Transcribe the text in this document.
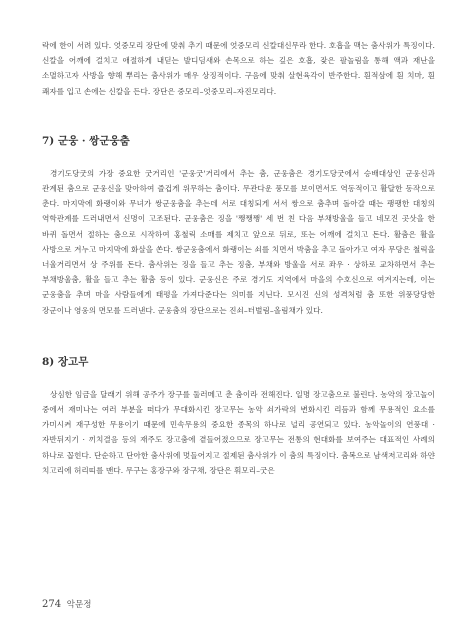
락에 한이 서려 있다. 엇중모리 장단에 맞춰 추기 때문에 엇중모리 신칼대신무라 한다. 호흡을 맥는 춤사위가 특징이다. 신칼을 어깨에 걸치고 애절하게 내딛는 발디딤새와 손목으로 하는 깊은 호흡, 잦은 팔놀림을 통해 액과 재난을 소멸하고자 사방을 향해 뿌리는 춤사위가 매우 상징적이다. 구음에 맞춰 살현육각이 반주한다. 흰적삼에 흰 치마, 흰 쾌자를 입고 손에는 신칼을 든다. 장단은 중모리–엇중모리–자진모리다.

7) 군웅 · 쌍군웅춤

경기도당굿의 가장 중요한 굿거리인 '군웅굿'거리에서 추는 춤, 군웅춤은 경기도당굿에서 승배대상인 군웅신과 관계된 춤으로 군웅신을 맞아하여 즐겁게 위무하는 춤이다. 무관다운 풍모를 보이면서도 역동적이고 활달한 동작으로 춘다. 마지막에 화랭이와 무녀가 쌍군웅춤을 추는데 서로 대칭되게 서서 쌍으로 춤추며 돌아갈 때는 팽팽한 대칭의 역학관계를 드러내면서 신명이 고조된다. 군웅춤은 징을 '쨍쨍쨍' 세 번 친 다음 부채방울을 들고 네모진 곳삿을 한 바퀴 돌면서 절하는 춤으로 시작하여 홍철릭 소매를 제치고 앞으로 뒤로, 또는 어깨에 걸치고 돈다. 활춤은 활을 사방으로 겨누고 마지막에 화살을 쏜다. 쌍군웅춤에서 화랭이는 쇠를 치면서 박춤을 추고 돌아가고 여자 무당은 철릭을 너울거리면서 상 주위를 돈다. 춤사위는 징을 들고 추는 징춤, 부채와 방울을 서로 좌우 · 상하로 교차하면서 추는 부채방울춤, 활을 들고 추는 활춤 등이 있다. 군웅신은 주로 경기도 지역에서 마을의 수호신으로 여겨지는데, 이는 군웅춤을 추며 마을 사람들에게 태평을 가져다준다는 의미를 지닌다. 모시진 신의 성격처럼 춤 또한 위풍당당한 장군이나 영웅의 면모를 드러낸다. 군웅춤의 장단으로는 진쇠–터벌림–올림채가 있다.

8) 장고무

상심한 임금을 달래기 위해 공주가 장구를 둘러메고 춘 춤이라 전해진다. 일명 장고춤으로 불린다. 농악의 장고놀이 중에서 재미나는 여러 부분을 떠다가 무대화시킨 장고무는 농악 쇠가락의 변화시킨 리듬과 함께 무용적인 요소를 가미시켜 재구성한 무용이기 때문에 민속무용의 중요한 종목의 하나로 널리 공연되고 있다. 농악놀이의 연풍대 · 자반뒤지기 · 끼치결음 등의 재주도 장고춤에 곁들어졌으므로 장고무는 전통의 현대화를 보여주는 대표적인 사례의 하나로 꼽힌다. 단순하고 단아한 춤사위에 멋들어지고 절제된 춤사위가 이 춤의 특징이다. 춤복으로 남색저고리와 하얀 치고리에 허리띠를 맨다. 무구는 홍장구와 장구채, 장단은 휘모리–굿은

274 악문정
